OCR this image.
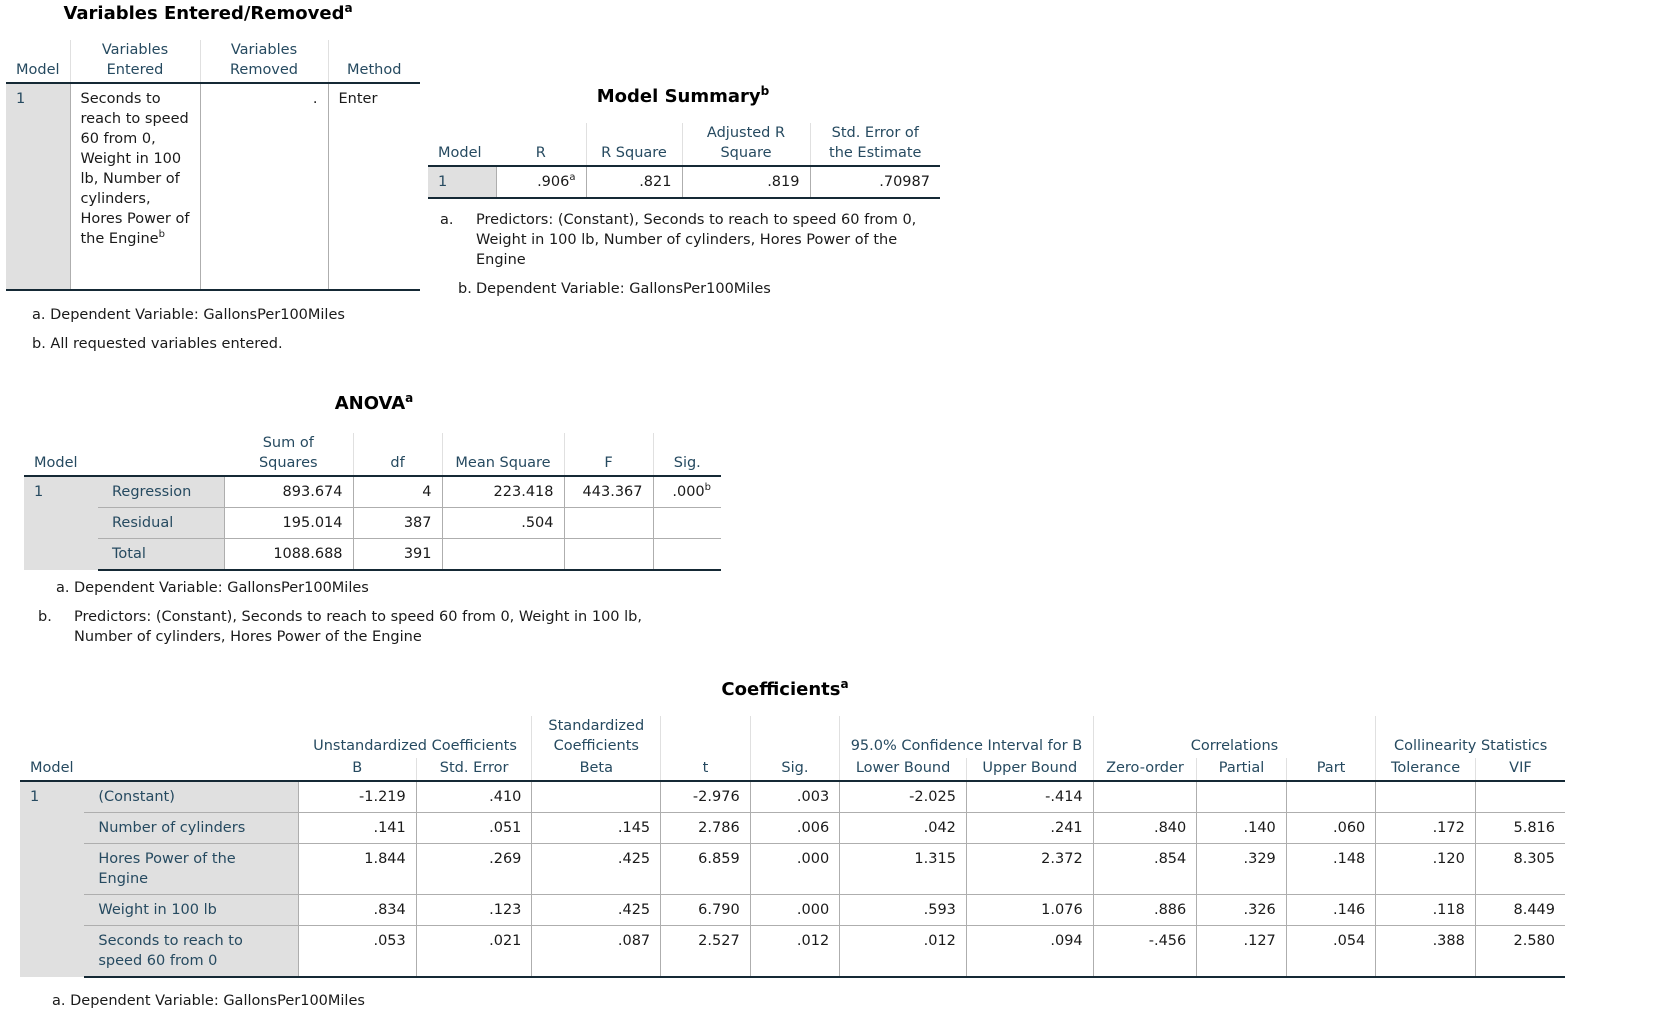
Variables Entered/Removed$^a$
Model	Variables Entered	Variables Removed	Method
1	Seconds to reach to speed 60 from 0, Weight in 100 lb, Number of cylinders, Hores Power of the Engine$^b$	.	Enter
a. Dependent Variable: GallonsPer100Miles
b. All requested variables entered.
Model Summary$^b$
Model	R	R Square	Adjusted R Square	Std. Error of the Estimate
1	.906$^a$	.821	.819	.70987
a. Predictors: (Constant), Seconds to reach to speed 60 from 0, Weight in 100 lb, Number of cylinders, Hores Power of the Engine
b. Dependent Variable: GallonsPer100Miles
ANOVA$^a$
Model		Sum of Squares	df	Mean Square	F	Sig.
1	Regression	893.674	4	223.418	443.367	.000$^b$
	Residual	195.014	387	.504		
	Total	1088.688	391			
a. Dependent Variable: GallonsPer100Miles
b. Predictors: (Constant), Seconds to reach to speed 60 from 0, Weight in 100 lb, Number of cylinders, Hores Power of the Engine
Coefficients$^a$
		Unstandardized Coefficients		Standardized Coefficients			95.0% Confidence Interval for B		Correlations			Collinearity Statistics	
Model		B	Std. Error	Beta	t	Sig.	Lower Bound	Upper Bound	Zero-order	Partial	Part	Tolerance	VIF
1	(Constant)	-1.219	.410		-2.976	.003	-2.025	-.414					
	Number of cylinders	.141	.051	.145	2.786	.006	.042	.241	.840	.140	.060	.172	5.816
	Hores Power of the Engine	1.844	.269	.425	6.859	.000	1.315	2.372	.854	.329	.148	.120	8.305
	Weight in 100 lb	.834	.123	.425	6.790	.000	.593	1.076	.886	.326	.146	.118	8.449
	Seconds to reach to speed 60 from 0	.053	.021	.087	2.527	.012	.012	.094	-.456	.127	.054	.388	2.580
a. Dependent Variable: GallonsPer100Miles
